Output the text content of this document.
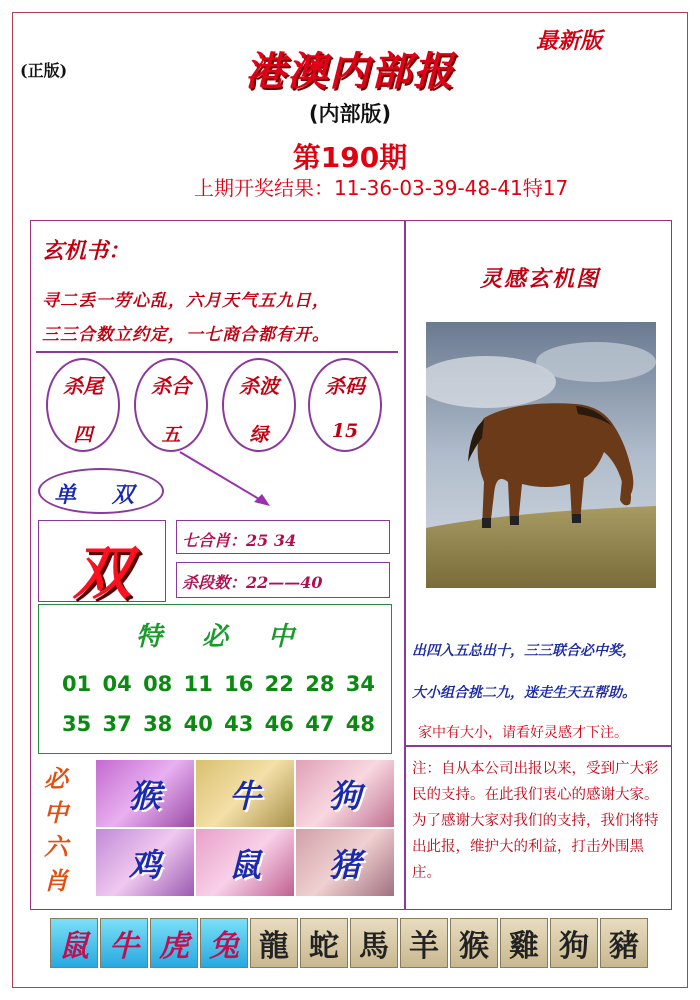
(正版)
最新版
港澳内部报
(内部版)
第190期
上期开奖结果：11-36-03-39-48-41特17
玄机书：
寻二丢一劳心乱，六月天气五九日，
三三合数立约定，一七商合都有开。
杀尾
四
杀合
五
杀波
绿
杀码
15
单 双
双	七合肖：25 34
杀段数：22——40
特必中
01 04 08 11 16 22 28 34
35 37 38 40 43 46 47 48
必
中
六
肖
猴	牛	狗
鸡	鼠	猪
灵感玄机图
出四入五总出十，三三联合必中奖，
大小组合挑二九，迷走生天五帮助。
家中有大小，请看好灵感才下注。
注：自从本公司出报以来，受到广大彩民的支持。在此我们衷心的感谢大家。为了感谢大家对我们的支持，我们将特出此报，维护大的利益，打击外围黑庄。
鼠 牛 虎 兔 龍 蛇 馬 羊 猴 雞 狗 豬
